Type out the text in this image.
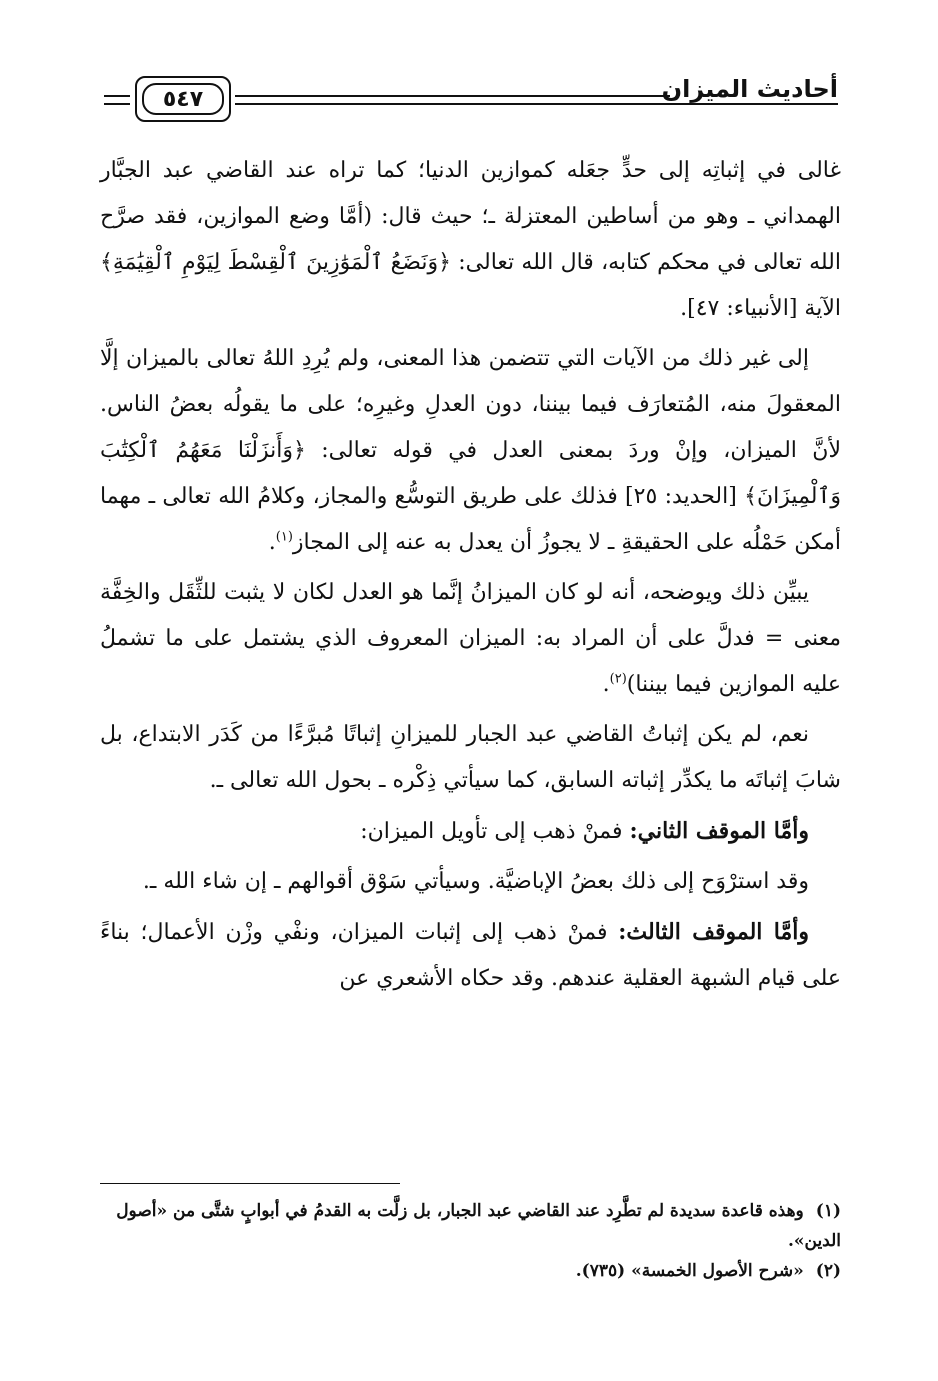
أحاديث الميزان
٥٤٧

غالى في إثباتِه إلى حدٍّ جعَله كموازين الدنيا؛ كما تراه عند القاضي عبد الجبَّار الهمداني ـ وهو من أساطين المعتزلة ـ؛ حيث قال: (أمَّا وضع الموازين، فقد صرَّح الله تعالى في محكم كتابه، قال الله تعالى: ﴿وَنَضَعُ ٱلْمَوَٰزِينَ ٱلْقِسْطَ لِيَوْمِ ٱلْقِيَٰمَةِ﴾ الآية [الأنبياء: ٤٧].

إلى غير ذلك من الآيات التي تتضمن هذا المعنى، ولم يُرِدِ اللهُ تعالى بالميزان إلَّا المعقولَ منه، المُتعارَف فيما بيننا، دون العدلِ وغيرِه؛ على ما يقولُه بعضُ الناس. لأنَّ الميزان، وإنْ وردَ بمعنى العدل في قوله تعالى: ﴿وَأَنزَلْنَا مَعَهُمُ ٱلْكِتَٰبَ وَٱلْمِيزَانَ﴾ [الحديد: ٢٥] فذلك على طريق التوسُّع والمجاز، وكلامُ الله تعالى ـ مهما أمكن حَمْلُه على الحقيقةِ ـ لا يجوزُ أن يعدل به عنه إلى المجاز$^{(١)}$.

يبيِّن ذلك ويوضحه، أنه لو كان الميزانُ إنَّما هو العدل لكان لا يثبت للثِّقَل والخِفَّة معنى = فدلَّ على أن المراد به: الميزان المعروف الذي يشتمل على ما تشملُ عليه الموازين فيما بيننا)$^{(٢)}$.

نعم، لم يكن إثباتُ القاضي عبد الجبار للميزانِ إثباتًا مُبرَّءًا من كَدَر الابتداع، بل شابَ إثباتَه ما يكدِّر إثباته السابق، كما سيأتي ذِكْره ـ بحول الله تعالى ـ.

وأمَّا الموقف الثاني: فمنْ ذهب إلى تأويل الميزان:

وقد استرْوَح إلى ذلك بعضُ الإباضيَّة. وسيأتي سَوْق أقوالهم ـ إن شاء الله ـ.

وأمَّا الموقف الثالث: فمنْ ذهب إلى إثبات الميزان، ونفْي وزْن الأعمال؛ بناءً على قيام الشبهة العقلية عندهم. وقد حكاه الأشعري عن

(١)وهذه قاعدة سديدة لم تطَّرِد عند القاضي عبد الجبار، بل زلَّت به القدمُ في أبوابٍ شتَّى من «أصول الدين».

(٢)«شرح الأصول الخمسة» (٧٣٥).
